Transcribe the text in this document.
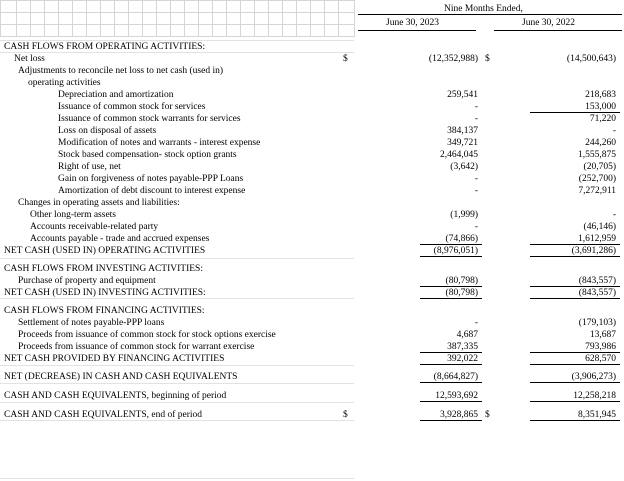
Nine Months Ended,
June 30, 2023	June 30, 2022
CASH FLOWS FROM OPERATING ACTIVITIES:
Net loss	$	(12,352,988) $	(14,500,643)
Adjustments to reconcile net loss to net cash (used in)
operating activities
Depreciation and amortization	259,541	218,683
Issuance of common stock for services	-	153,000
Issuance of common stock warrants for services	-	71,220
Loss on disposal of assets	384,137	-
Modification of notes and warrants - interest expense	349,721	244,260
Stock based compensation- stock option grants	2,464,045	1,555,875
Right of use, net	(3,642)	(20,705)
Gain on forgiveness of notes payable-PPP Loans	-	(252,700)
Amortization of debt discount to interest expense	-	7,272,911
Changes in operating assets and liabilities:
Other long-term assets	(1,999)	-
Accounts receivable-related party	-	(46,146)
Accounts payable - trade and accrued expenses	(74,866)	1,612,959
NET CASH (USED IN) OPERATING ACTIVITIES	(8,976,051)	(3,691,286)
CASH FLOWS FROM INVESTING ACTIVITIES:
Purchase of property and equipment	(80,798)	(843,557)
NET CASH (USED IN) INVESTING ACTIVITIES:	(80,798)	(843,557)
CASH FLOWS FROM FINANCING ACTIVITIES:
Settlement of notes payable-PPP loans	-	(179,103)
Proceeds from issuance of common stock for stock options exercise	4,687	13,687
Proceeds from issuance of common stock for warrant exercise	387,335	793,986
NET CASH PROVIDED BY FINANCING ACTIVITIES	392,022	628,570
NET (DECREASE) IN CASH AND CASH EQUIVALENTS	(8,664,827)	(3,906,273)
CASH AND CASH EQUIVALENTS, beginning of period	12,593,692	12,258,218
CASH AND CASH EQUIVALENTS, end of period	$	3,928,865 $	8,351,945
